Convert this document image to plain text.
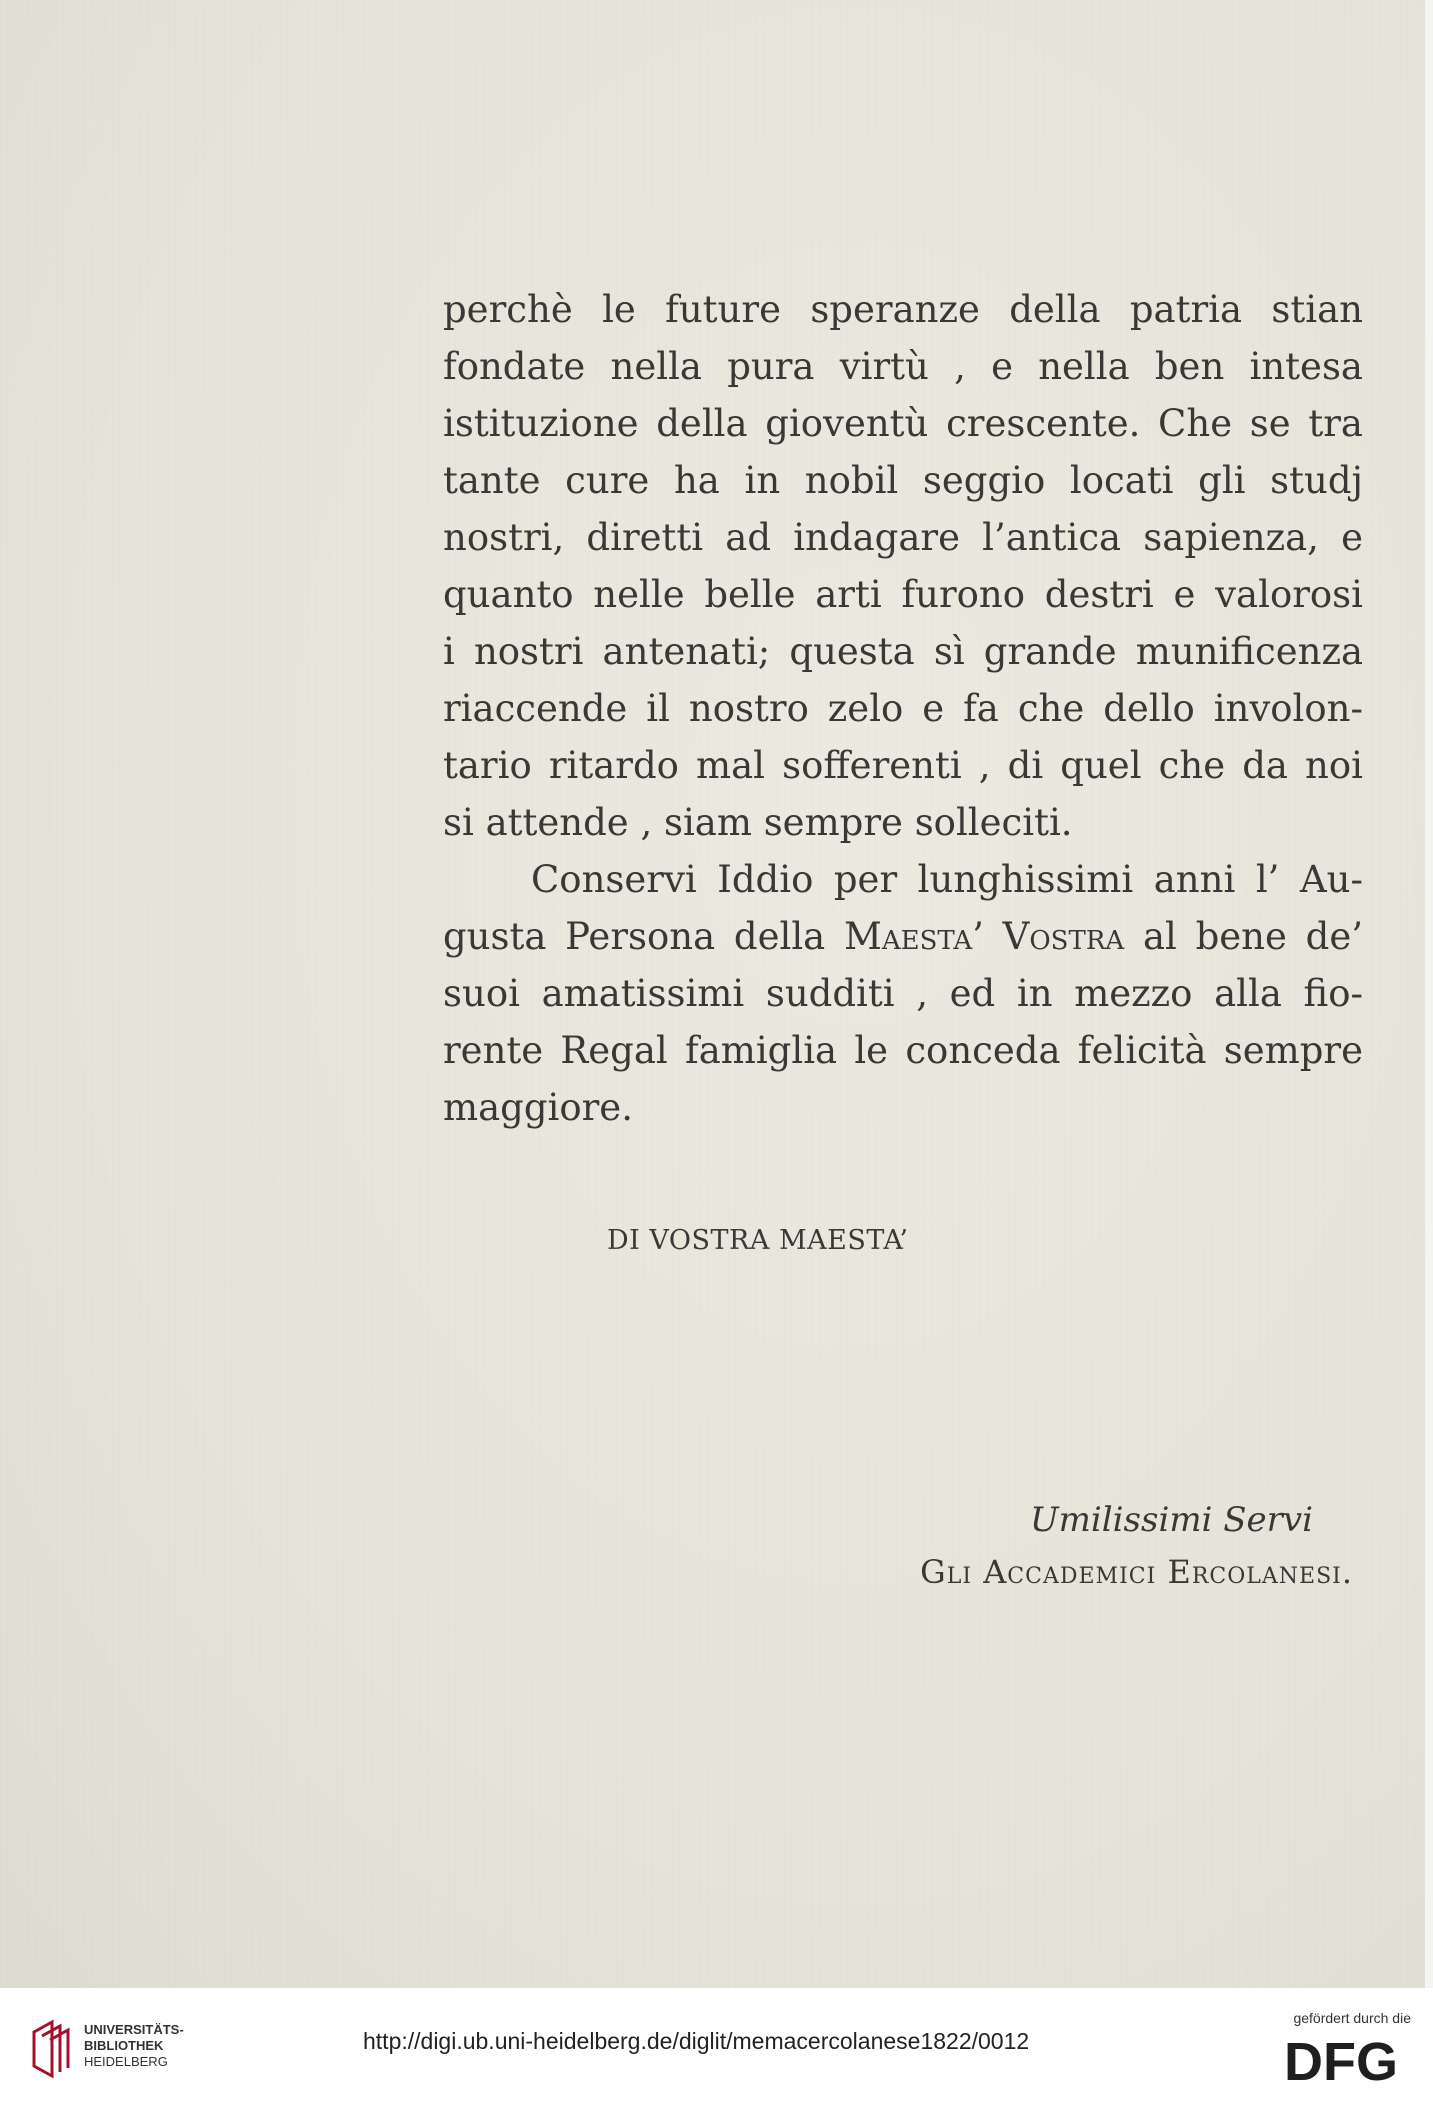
perchè le future speranze della patria stian
fondate nella pura virtù , e nella ben intesa
istituzione della gioventù crescente. Che se tra
tante cure ha in nobil seggio locati gli studj
nostri, diretti ad indagare l’antica sapienza, e
quanto nelle belle arti furono destri e valorosi
i nostri antenati; questa sì grande munificenza
riaccende il nostro zelo e fa che dello involon-
tario ritardo mal sofferenti , di quel che da noi
si attende , siam sempre solleciti.
Conservi Iddio per lunghissimi anni l’ Au-
gusta Persona della Maesta’ Vostra al bene de’
suoi amatissimi sudditi , ed in mezzo alla fio-
rente Regal famiglia le conceda felicità sempre
maggiore.
DI VOSTRA MAESTA’
Umilissimi Servi
Gli Accademici Ercolanesi.
UNIVERSITÄTS-
BIBLIOTHEK
HEIDELBERG
http://digi.ub.uni-heidelberg.de/diglit/memacercolanese1822/0012
gefördert durch die
DFG
